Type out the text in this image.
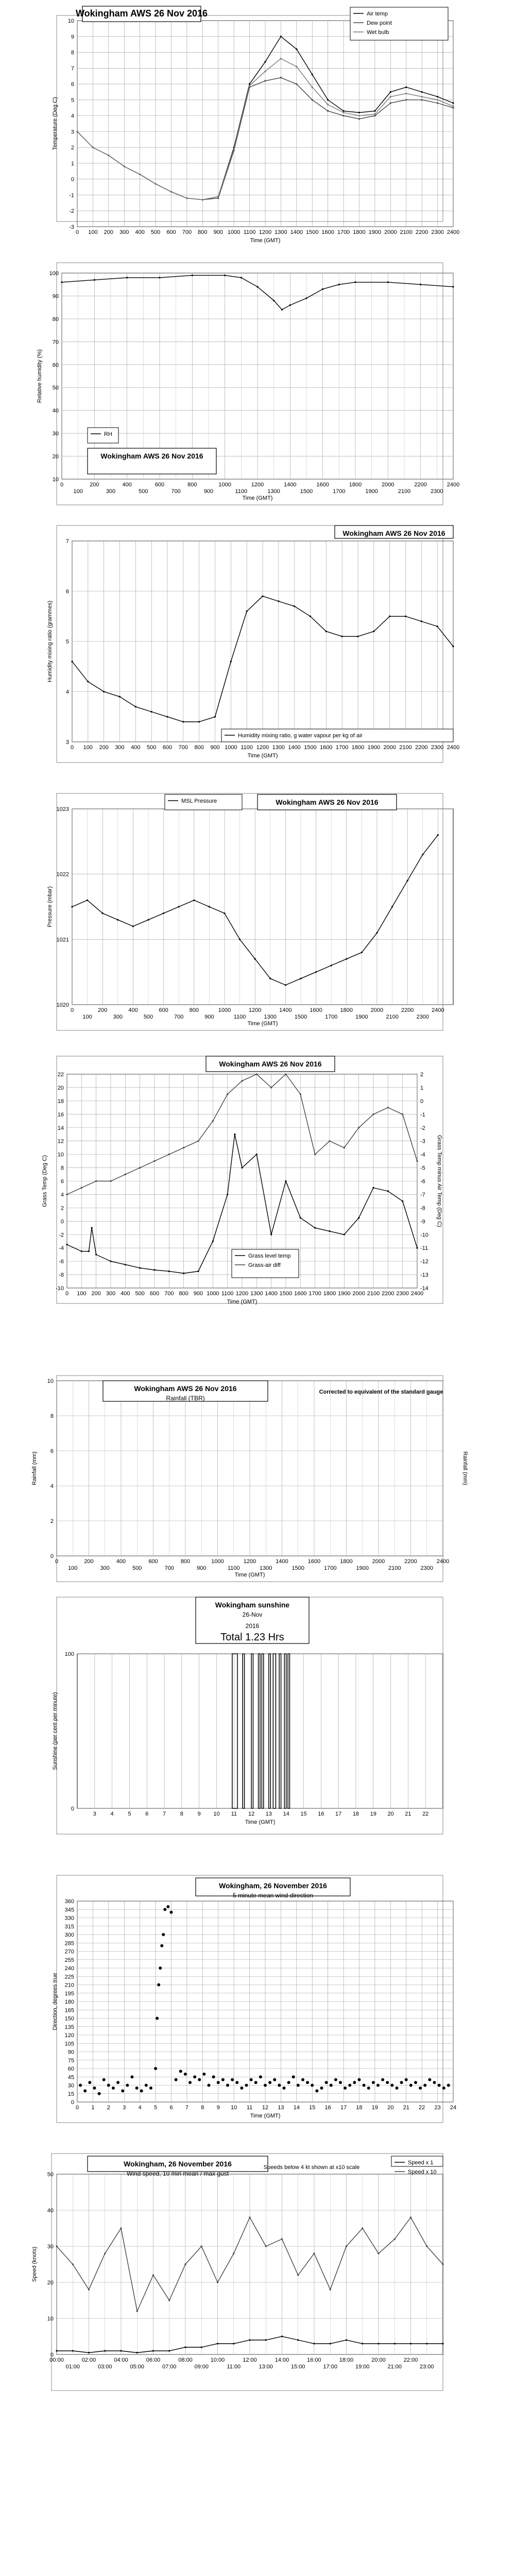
-3
-2
-1
0
1
2
3
4
5
6
7
8
9
10
0 100 200 300 400 500 600 700 800 900 1000 1100 1200 1300 1400 1500 1600 1700 1800 1900 2000 2100 2200 2300 2400
Time (GMT)
Temperature (Deg C)
Wokingham AWS 26 Nov 2016	Air temp
Dew point
Wet bulb
10
20
30
40
50
60
70
80
90
100
0	200	400	600	800	1000	1200	1400	1600	1800	2000	2200	2400
100	300	500	700	900	1100	1300	1500	1700	1900	2100	2300
Time (GMT)
Relative humidity (%)
Wokingham AWS 26 Nov 2016
RH
3
4
5
6
7
0 100 200 300 400 500 600 700 800 900 1000 1100 1200 1300 1400 1500 1600 1700 1800 1900 2000 2100 2200 2300 2400
Time (GMT)
Humidity mixing ratio (grammes)
Wokingham AWS 26 Nov 2016
Humidity mixing ratio, g water vapour per kg of air
1020
1021
1022
1023
0	200	400	600	800	1000	1200	1400	1600	1800	2000	2200	2400
100	300	500	700	900	1100	1300	1500	1700	1900	2100	2300
Time (GMT)
Pressure (mbar)
Wokingham AWS 26 Nov 2016
MSL Pressure
-10
-8
-6
-4
-2
0
2
4
6
8
10
12
14
16
18
20
22
-14
-13
-12
-11
-10
-9
-8
-7
-6
-5
-4
-3
-2
-1
0
1
2
0 100 200 300 400 500 600 700 800 900 1000 1100 1200 1300 1400 1500 1600 1700 1800 1900 2000 2100 2200 2300 2400
Time (GMT)
Grass Temp (Deg C)	Grass Temp minus Air Temp (Deg C)
Wokingham AWS 26 Nov 2016
Grass level temp
Grass-air diff
0
2
4
6
8
10
0	200	400	600	800	1000	1200	1400	1600	1800	2000	2200	2400
100	300	500	700	900	1100	1300	1500	1700	1900	2100	2300
Time (GMT)
Rainfall (mm)	Rainfall (mm)
Wokingham AWS 26 Nov 2016
Rainfall (TBR)
Corrected to equivalent of the standard gauge
0
100
3	4	5	6	7	8	9 10 11 12 13 14 15 16 17 18 19 20 21 22
Time (GMT)
Sunshine (per cent per minute)
Wokingham sunshine
26-Nov
2016
Total 1.23 Hrs
0
15
30
45
60
75
90
105
120
135
150
165
180
195
210
225
240
255
270
285
300
315
330
345
360
0 1 2 3 4 5 6 7 8 9 10 11 12 13 14 15 16 17 18 19 20 21 22 23 24
Time (GMT)
Direction, degrees true
Wokingham, 26 November 2016
5 minute mean wind direction
0
10
20
30
40
50
00:00	02:00	04:00	06:00	08:00	10:00	12:00	14:00	16:00	18:00	20:00	22:00
01:00	03:00	05:00	07:00	09:00	11:00	13:00	15:00	17:00	19:00	21:00	23:00
Speed (knots)
Wokingham, 26 November 2016
Wind speed, 10 min mean / max gust
Speeds below 4 kt shown at x10 scale
Speed x 1
Speed x 10
